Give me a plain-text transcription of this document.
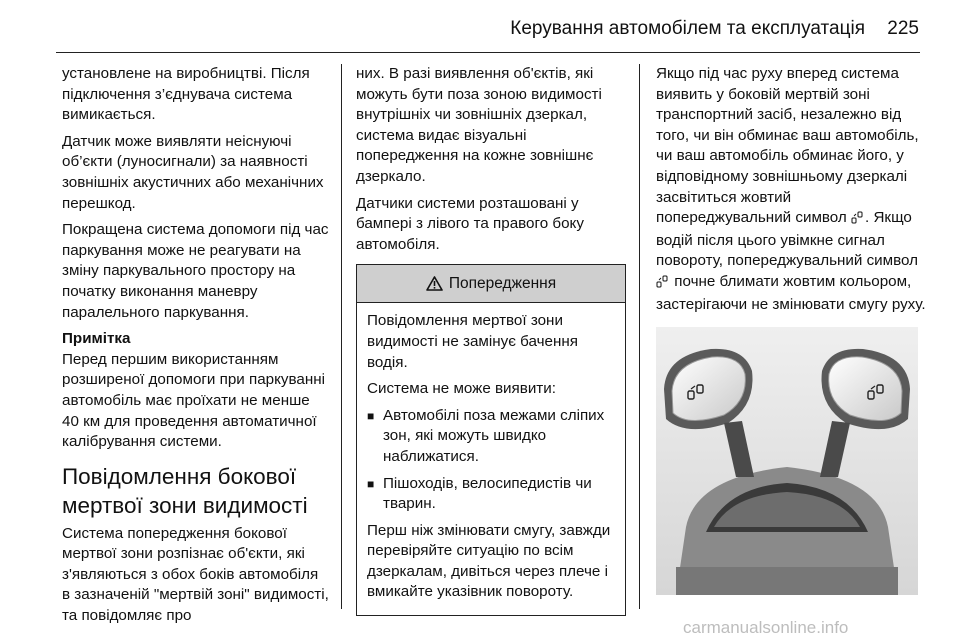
Керування автомобілем та експлуатація 225

установлене на виробництві. Після підключення з’єднувача система вимикається.

Датчик може виявляти неіснуючі об’єкти (луносигнали) за наявності зовнішніх акустичних або механічних перешкод.

Покращена система допомоги під час паркування може не реагувати на зміну паркувального простору на початку виконання маневру паралельного паркування.

Примітка

Перед першим використанням розширеної допомоги при паркуванні автомобіль має проїхати не менше 40 км для проведення автоматичної калібрування системи.

Повідомлення бокової мертвої зони видимості

Система попередження бокової мертвої зони розпізнає об'єкти, які з'являються з обох боків автомобіля в зазначеній "мертвій зоні" видимості, та повідомляє про

них. В разі виявлення об'єктів, які можуть бути поза зоною видимості внутрішніх чи зовнішніх дзеркал, система видає візуальні попередження на кожне зовнішнє дзеркало.

Датчики системи розташовані у бампері з лівого та правого боку автомобіля.

Попередження

Повідомлення мертвої зони видимості не замінує бачення водія.

Система не може виявити:

■ Автомобілі поза межами сліпих зон, які можуть швидко наближатися.
■ Пішоходів, велосипедистів чи тварин.

Перш ніж змінювати смугу, завжди перевіряйте ситуацію по всім дзеркалам, дивіться через плече і вмикайте указівник повороту.

Якщо під час руху вперед система виявить у боковій мертвій зоні транспортний засіб, незалежно від того, чи він обминає ваш автомобіль, чи ваш автомобіль обминає його, у відповідному зовнішньому дзеркалі засвітиться жовтий попереджувальний символ . Якщо водій після цього увімкне сигнал повороту, попереджувальний символ  почне блимати жовтим кольором, застерігаючи не змінювати смугу руху.

carmanualsonline.info
